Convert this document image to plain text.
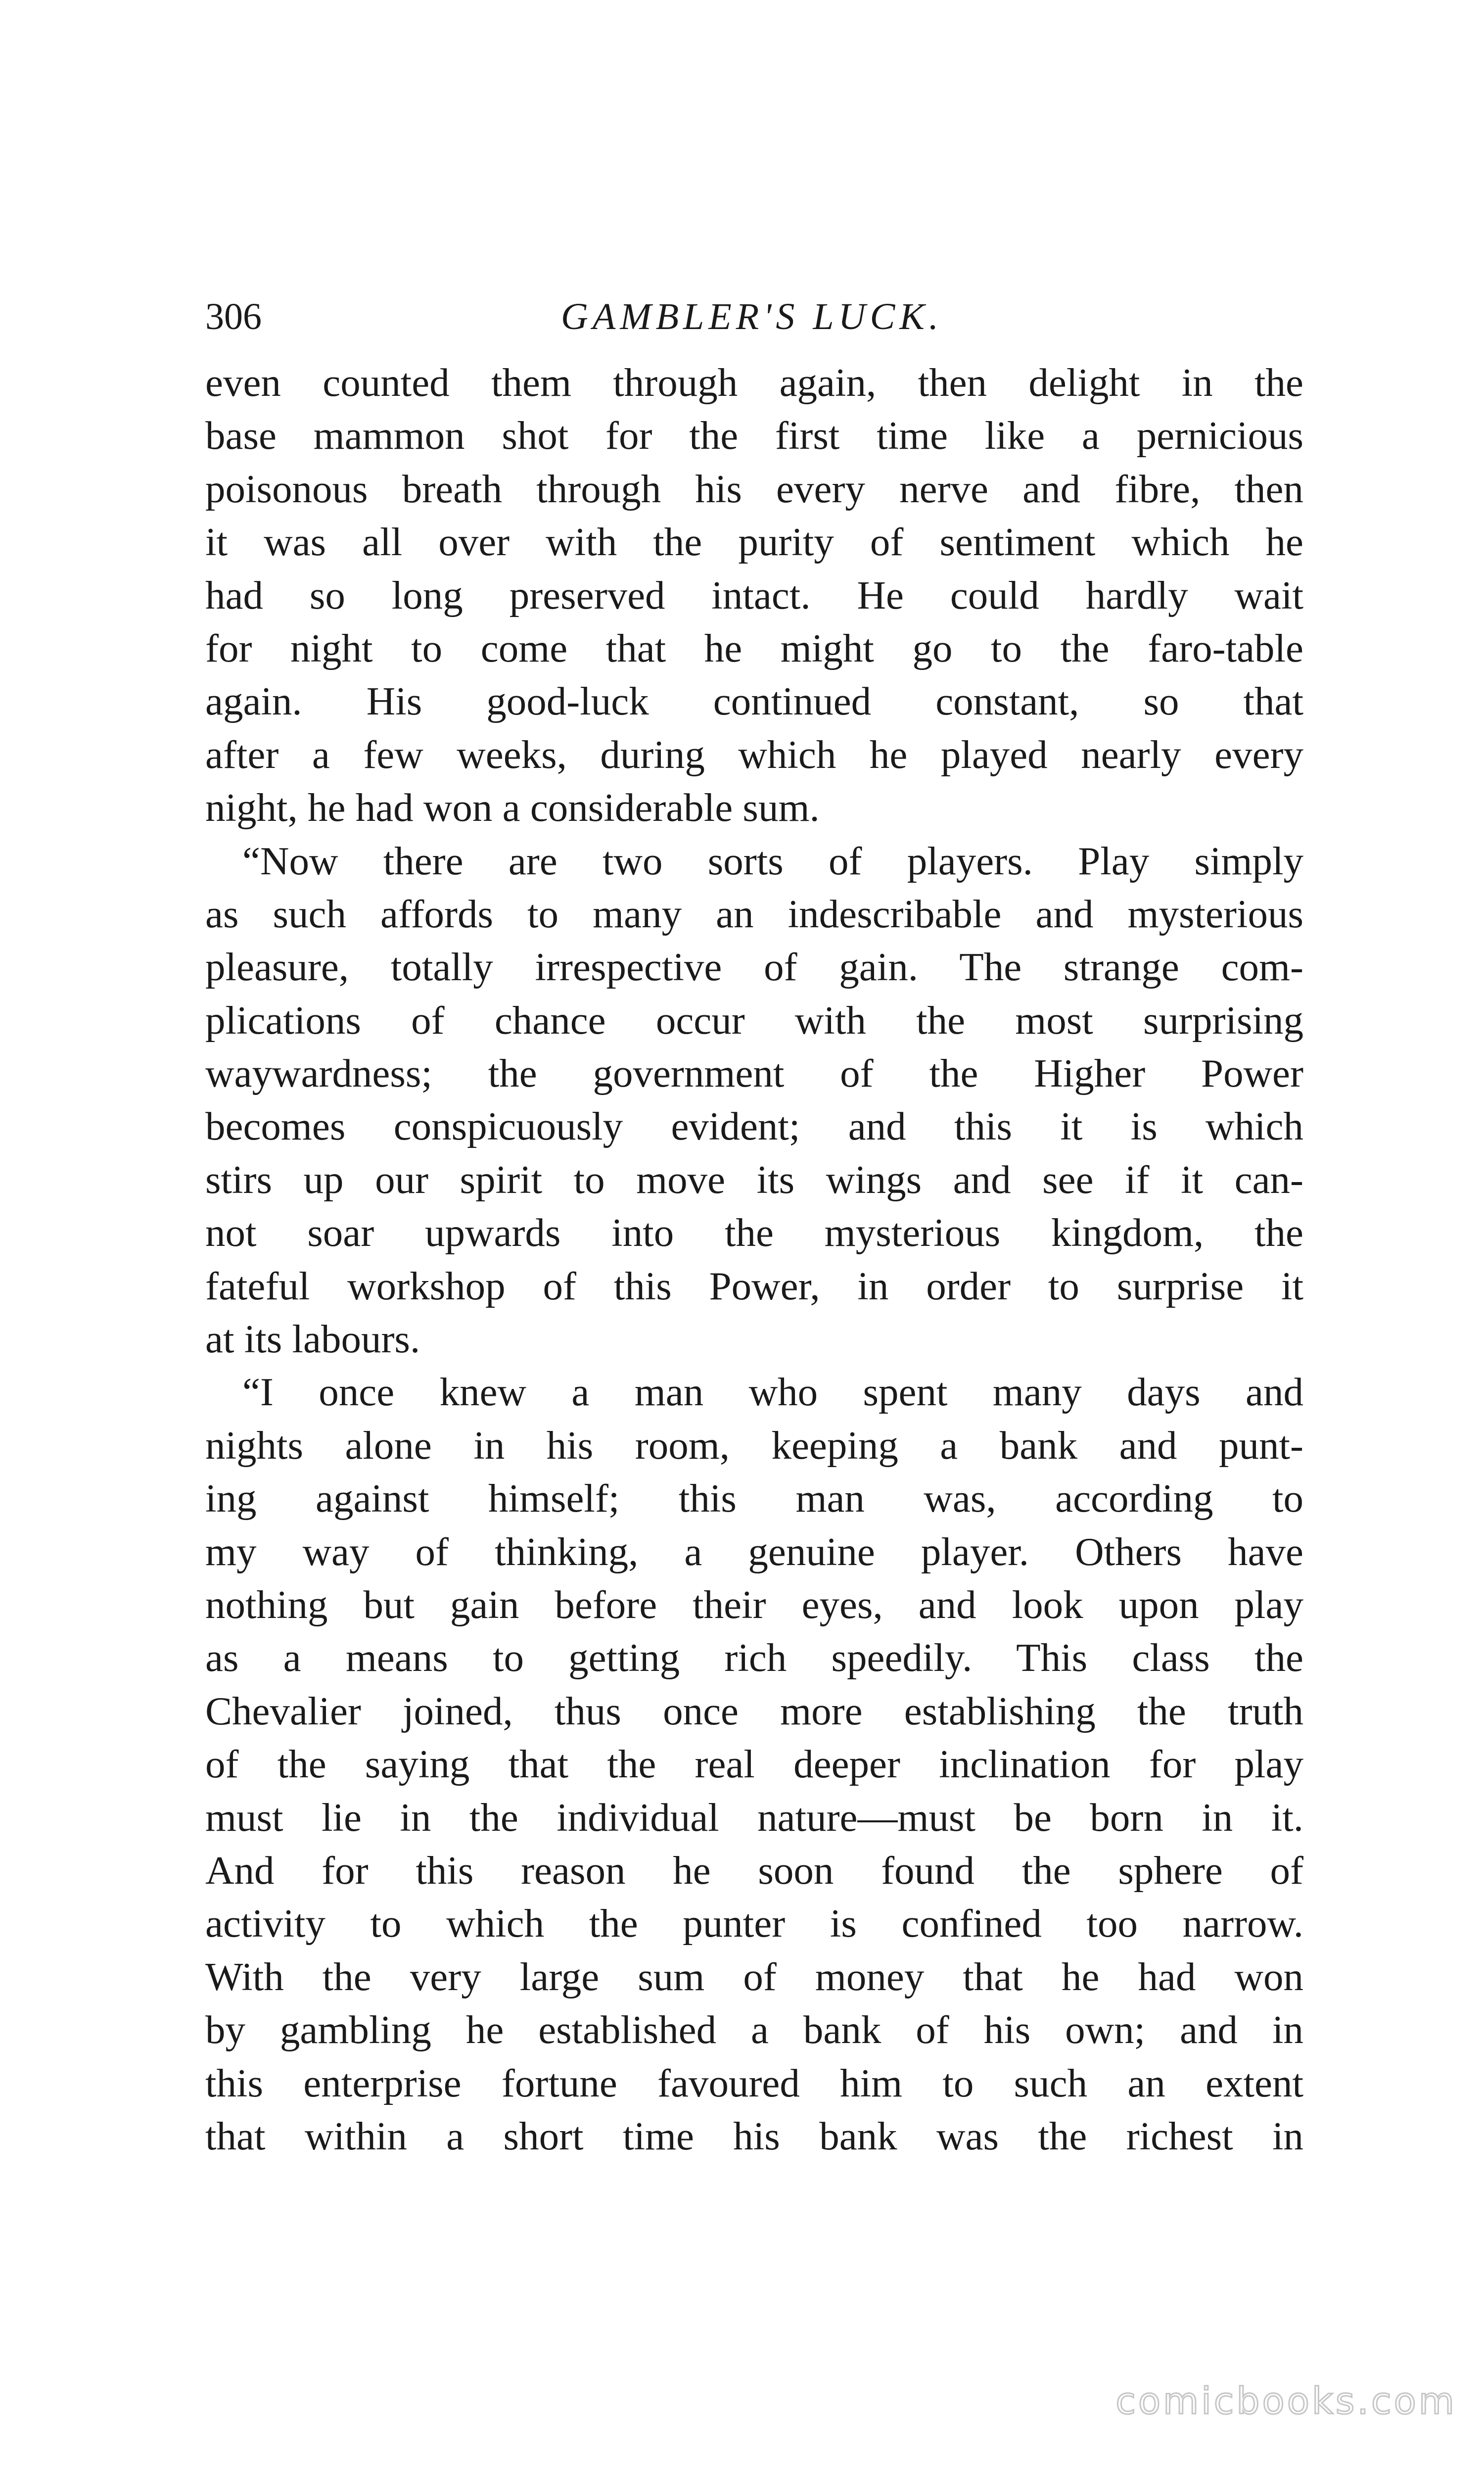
306	GAMBLER'S LUCK.
even counted them through again, then delight in the
base mammon shot for the first time like a pernicious
poisonous breath through his every nerve and fibre, then
it was all over with the purity of sentiment which he
had so long preserved intact. He could hardly wait
for night to come that he might go to the faro-table
again. His good-luck continued constant, so that
after a few weeks, during which he played nearly every
night, he had won a considerable sum.
“Now there are two sorts of players. Play simply
as such affords to many an indescribable and mysterious
pleasure, totally irrespective of gain. The strange com-
plications of chance occur with the most surprising
waywardness; the government of the Higher Power
becomes conspicuously evident; and this it is which
stirs up our spirit to move its wings and see if it can-
not soar upwards into the mysterious kingdom, the
fateful workshop of this Power, in order to surprise it
at its labours.
“I once knew a man who spent many days and
nights alone in his room, keeping a bank and punt-
ing against himself; this man was, according to
my way of thinking, a genuine player. Others have
nothing but gain before their eyes, and look upon play
as a means to getting rich speedily. This class the
Chevalier joined, thus once more establishing the truth
of the saying that the real deeper inclination for play
must lie in the individual nature—must be born in it.
And for this reason he soon found the sphere of
activity to which the punter is confined too narrow.
With the very large sum of money that he had won
by gambling he established a bank of his own; and in
this enterprise fortune favoured him to such an extent
that within a short time his bank was the richest in
comicbooks.com
